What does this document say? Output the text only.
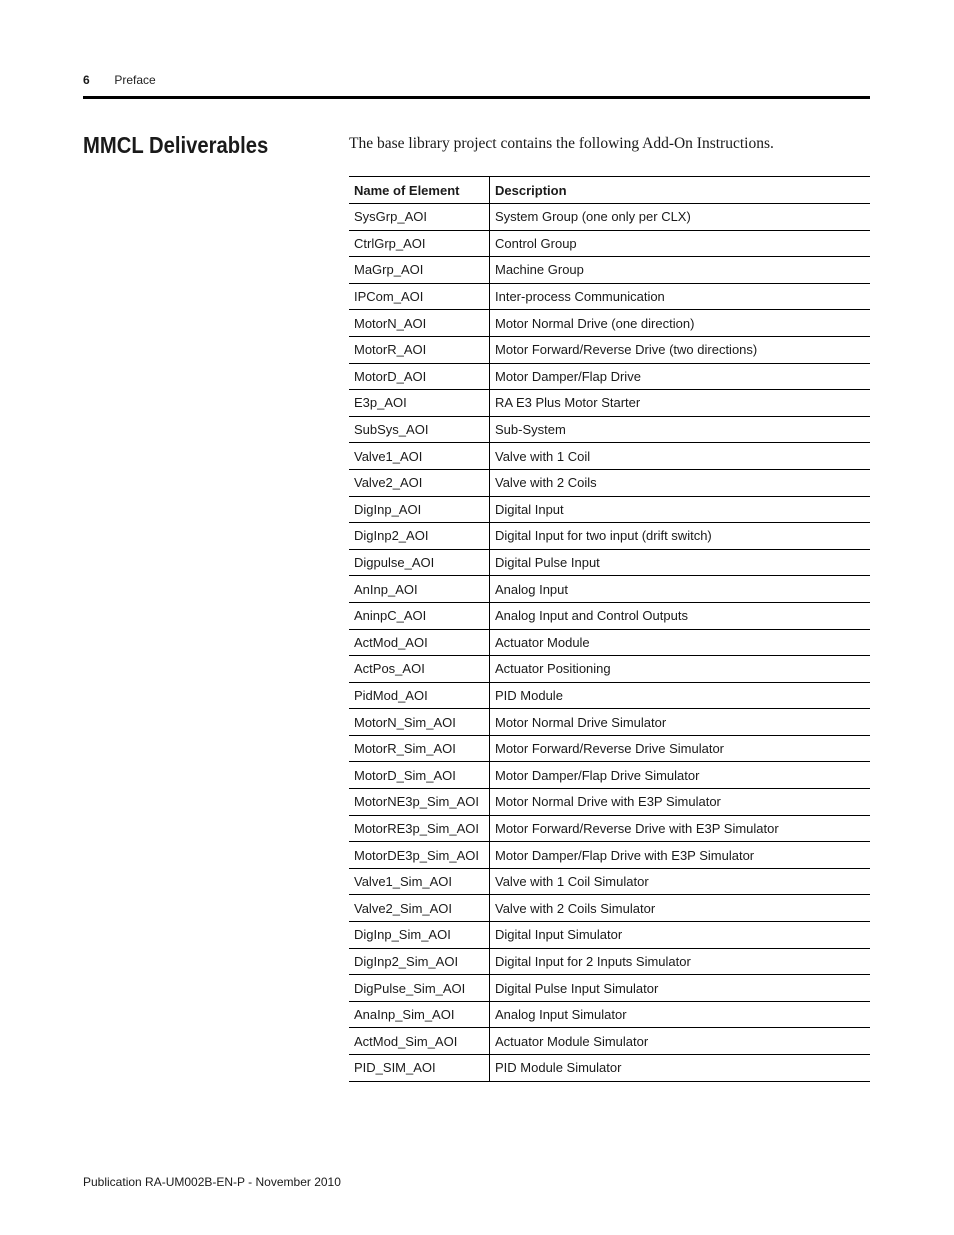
6 Preface
MMCL Deliverables	The base library project contains the following Add-On Instructions.
Name of Element	Description
SysGrp_AOI	System Group (one only per CLX)
CtrlGrp_AOI	Control Group
MaGrp_AOI	Machine Group
IPCom_AOI	Inter-process Communication
MotorN_AOI	Motor Normal Drive (one direction)
MotorR_AOI	Motor Forward/Reverse Drive (two directions)
MotorD_AOI	Motor Damper/Flap Drive
E3p_AOI	RA E3 Plus Motor Starter
SubSys_AOI	Sub-System
Valve1_AOI	Valve with 1 Coil
Valve2_AOI	Valve with 2 Coils
DigInp_AOI	Digital Input
DigInp2_AOI	Digital Input for two input (drift switch)
Digpulse_AOI	Digital Pulse Input
AnInp_AOI	Analog Input
AninpC_AOI	Analog Input and Control Outputs
ActMod_AOI	Actuator Module
ActPos_AOI	Actuator Positioning
PidMod_AOI	PID Module
MotorN_Sim_AOI	Motor Normal Drive Simulator
MotorR_Sim_AOI	Motor Forward/Reverse Drive Simulator
MotorD_Sim_AOI	Motor Damper/Flap Drive Simulator
MotorNE3p_Sim_AOI	Motor Normal Drive with E3P Simulator
MotorRE3p_Sim_AOI	Motor Forward/Reverse Drive with E3P Simulator
MotorDE3p_Sim_AOI	Motor Damper/Flap Drive with E3P Simulator
Valve1_Sim_AOI	Valve with 1 Coil Simulator
Valve2_Sim_AOI	Valve with 2 Coils Simulator
DigInp_Sim_AOI	Digital Input Simulator
DigInp2_Sim_AOI	Digital Input for 2 Inputs Simulator
DigPulse_Sim_AOI	Digital Pulse Input Simulator
AnaInp_Sim_AOI	Analog Input Simulator
ActMod_Sim_AOI	Actuator Module Simulator
PID_SIM_AOI	PID Module Simulator
Publication RA-UM002B-EN-P - November 2010
